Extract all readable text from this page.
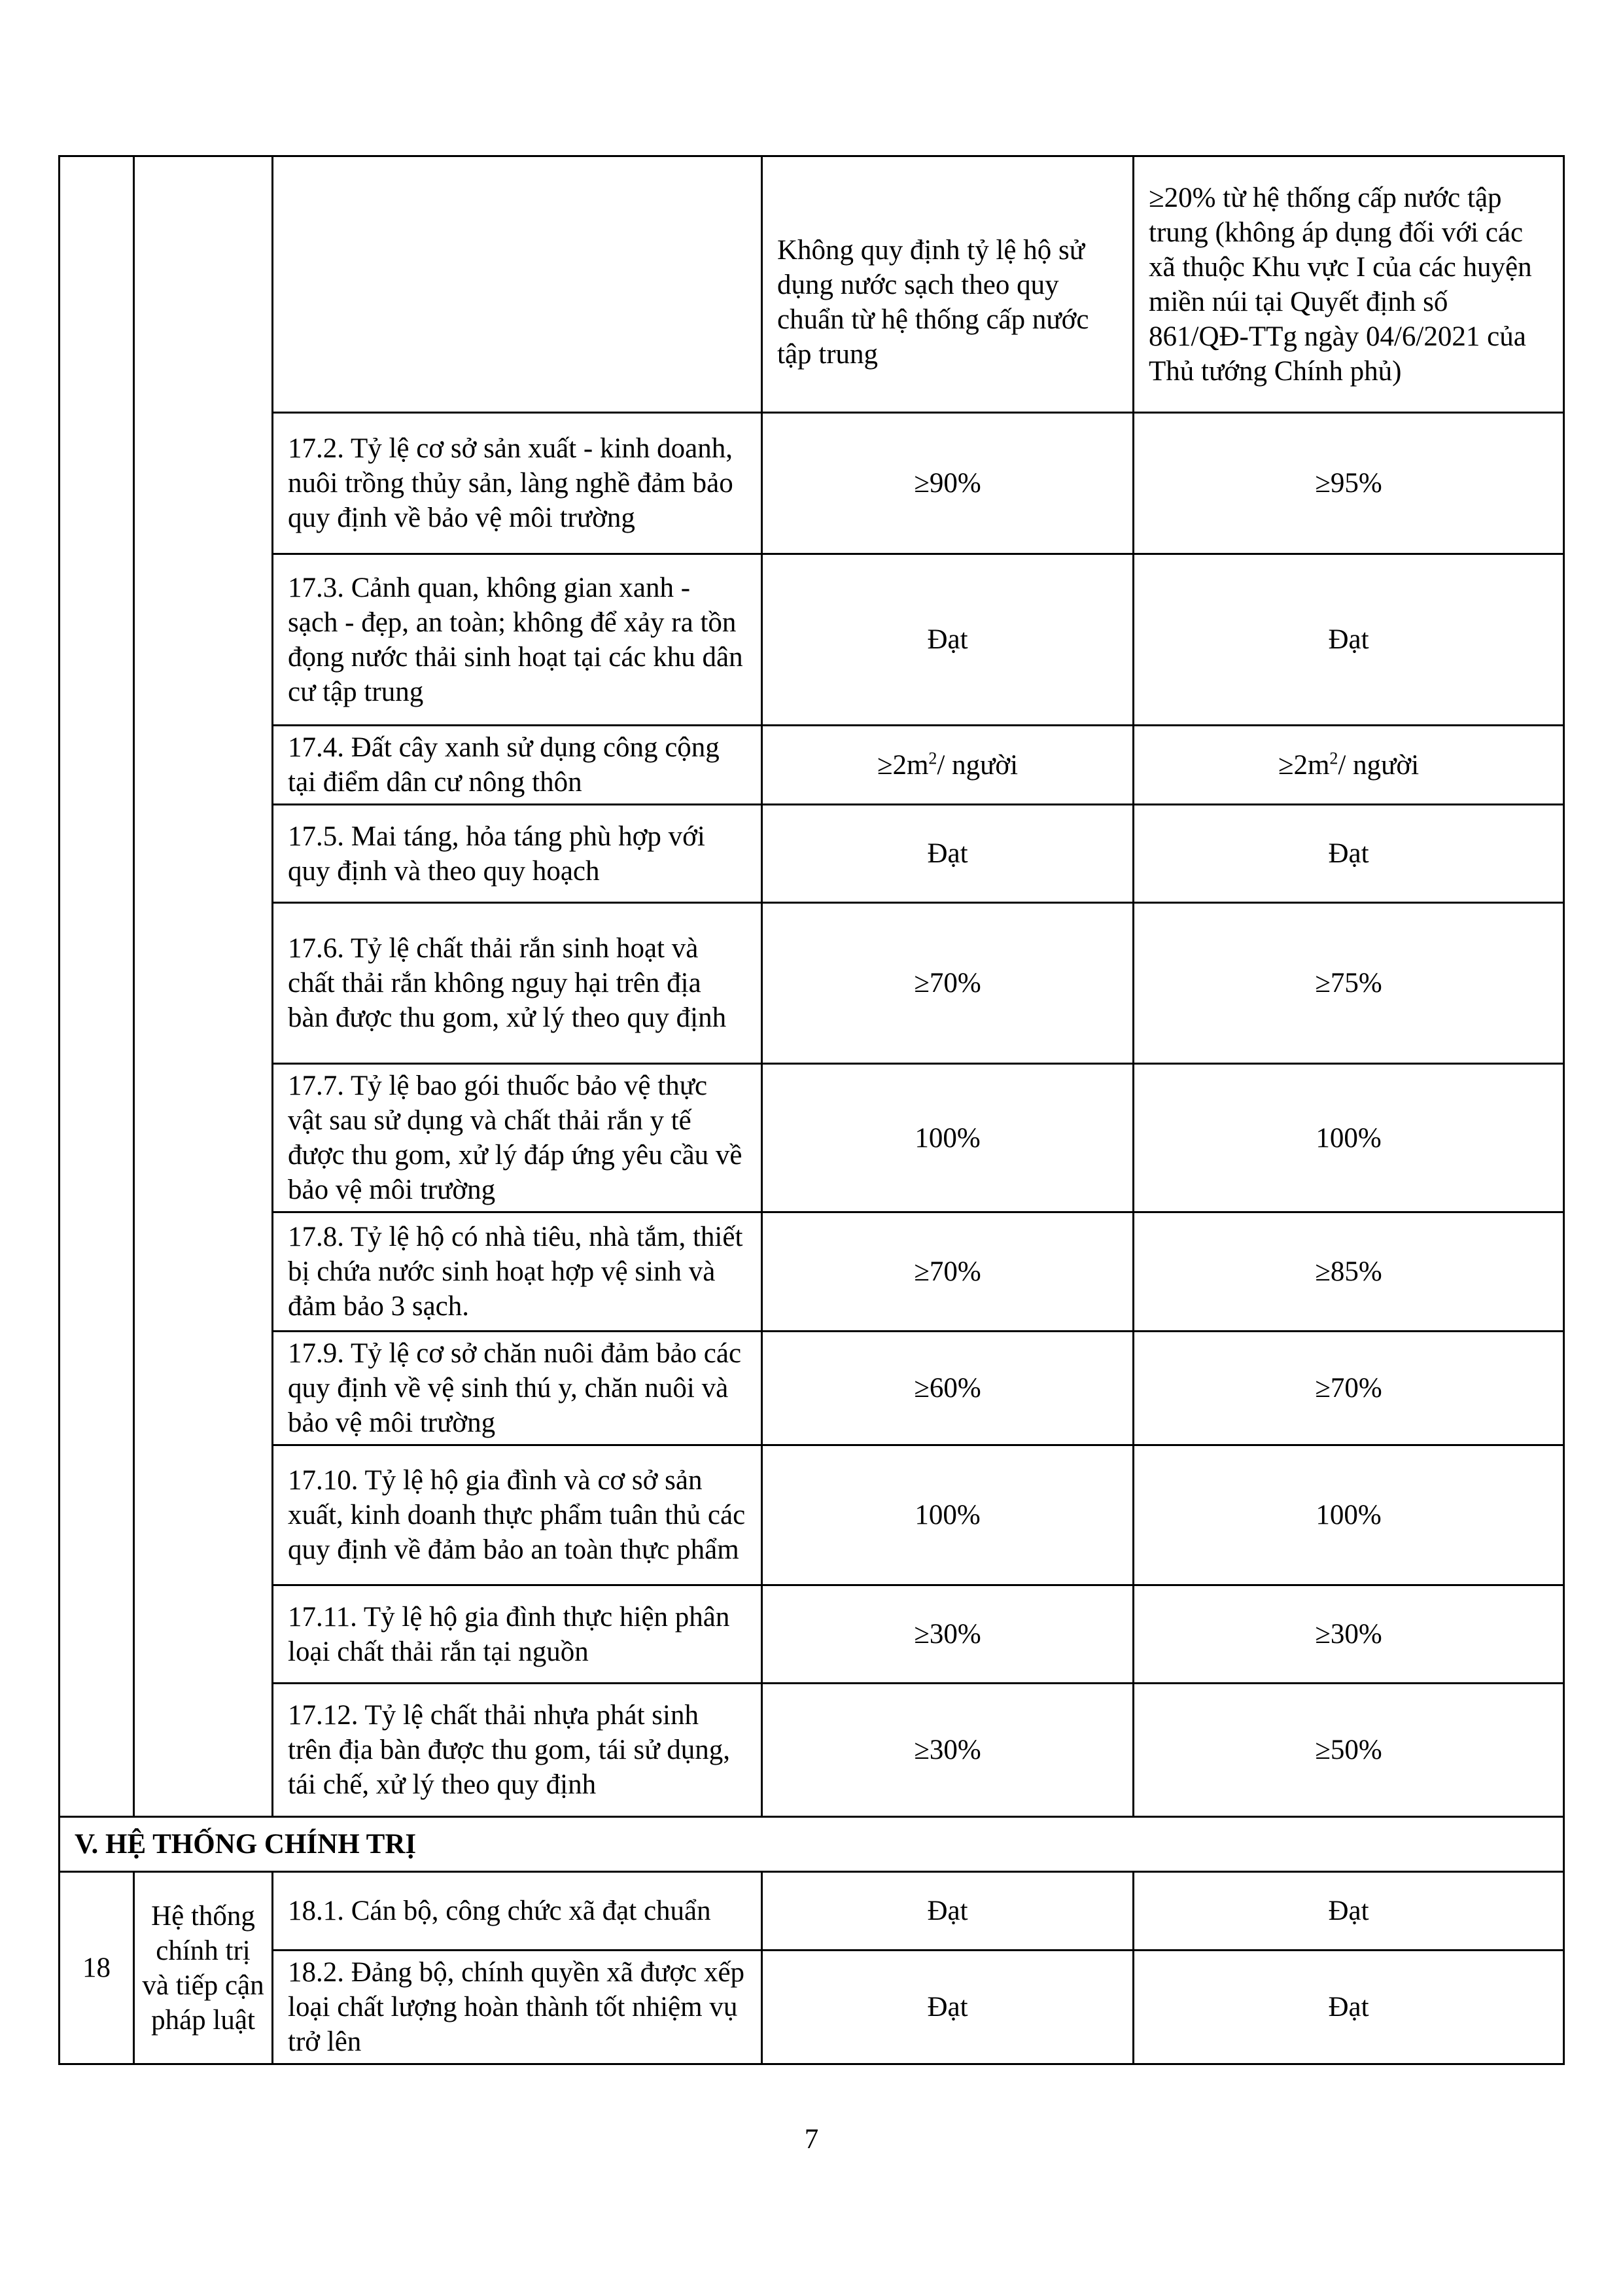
			Không quy định tỷ lệ hộ sử dụng nước sạch theo quy chuẩn từ hệ thống cấp nước tập trung	≥20% từ hệ thống cấp nước tập trung (không áp dụng đối với các xã thuộc Khu vực I của các huyện miền núi tại Quyết định số 861/QĐ-TTg ngày 04/6/2021 của Thủ tướng Chính phủ)
		17.2. Tỷ lệ cơ sở sản xuất - kinh doanh, nuôi trồng thủy sản, làng nghề đảm bảo quy định về bảo vệ môi trường	≥90%	≥95%
		17.3. Cảnh quan, không gian xanh - sạch - đẹp, an toàn; không để xảy ra tồn đọng nước thải sinh hoạt tại các khu dân cư tập trung	Đạt	Đạt
		17.4. Đất cây xanh sử dụng công cộng tại điểm dân cư nông thôn	$\ge 2m^2/$ người	$\ge 2m^2/$ người
		17.5. Mai táng, hỏa táng phù hợp với quy định và theo quy hoạch	Đạt	Đạt
		17.6. Tỷ lệ chất thải rắn sinh hoạt và chất thải rắn không nguy hại trên địa bàn được thu gom, xử lý theo quy định	≥70%	≥75%
		17.7. Tỷ lệ bao gói thuốc bảo vệ thực vật sau sử dụng và chất thải rắn y tế được thu gom, xử lý đáp ứng yêu cầu về bảo vệ môi trường	100%	100%
		17.8. Tỷ lệ hộ có nhà tiêu, nhà tắm, thiết bị chứa nước sinh hoạt hợp vệ sinh và đảm bảo 3 sạch.	≥70%	≥85%
		17.9. Tỷ lệ cơ sở chăn nuôi đảm bảo các quy định về vệ sinh thú y, chăn nuôi và bảo vệ môi trường	≥60%	≥70%
		17.10. Tỷ lệ hộ gia đình và cơ sở sản xuất, kinh doanh thực phẩm tuân thủ các quy định về đảm bảo an toàn thực phẩm	100%	100%
		17.11. Tỷ lệ hộ gia đình thực hiện phân loại chất thải rắn tại nguồn	≥30%	≥30%
		17.12. Tỷ lệ chất thải nhựa phát sinh trên địa bàn được thu gom, tái sử dụng, tái chế, xử lý theo quy định	≥30%	≥50%
V. HỆ THỐNG CHÍNH TRỊ				
18	Hệ thống chính trị và tiếp cận pháp luật	18.1. Cán bộ, công chức xã đạt chuẩn	Đạt	Đạt
		18.2. Đảng bộ, chính quyền xã được xếp loại chất lượng hoàn thành tốt nhiệm vụ trở lên	Đạt	Đạt
7
